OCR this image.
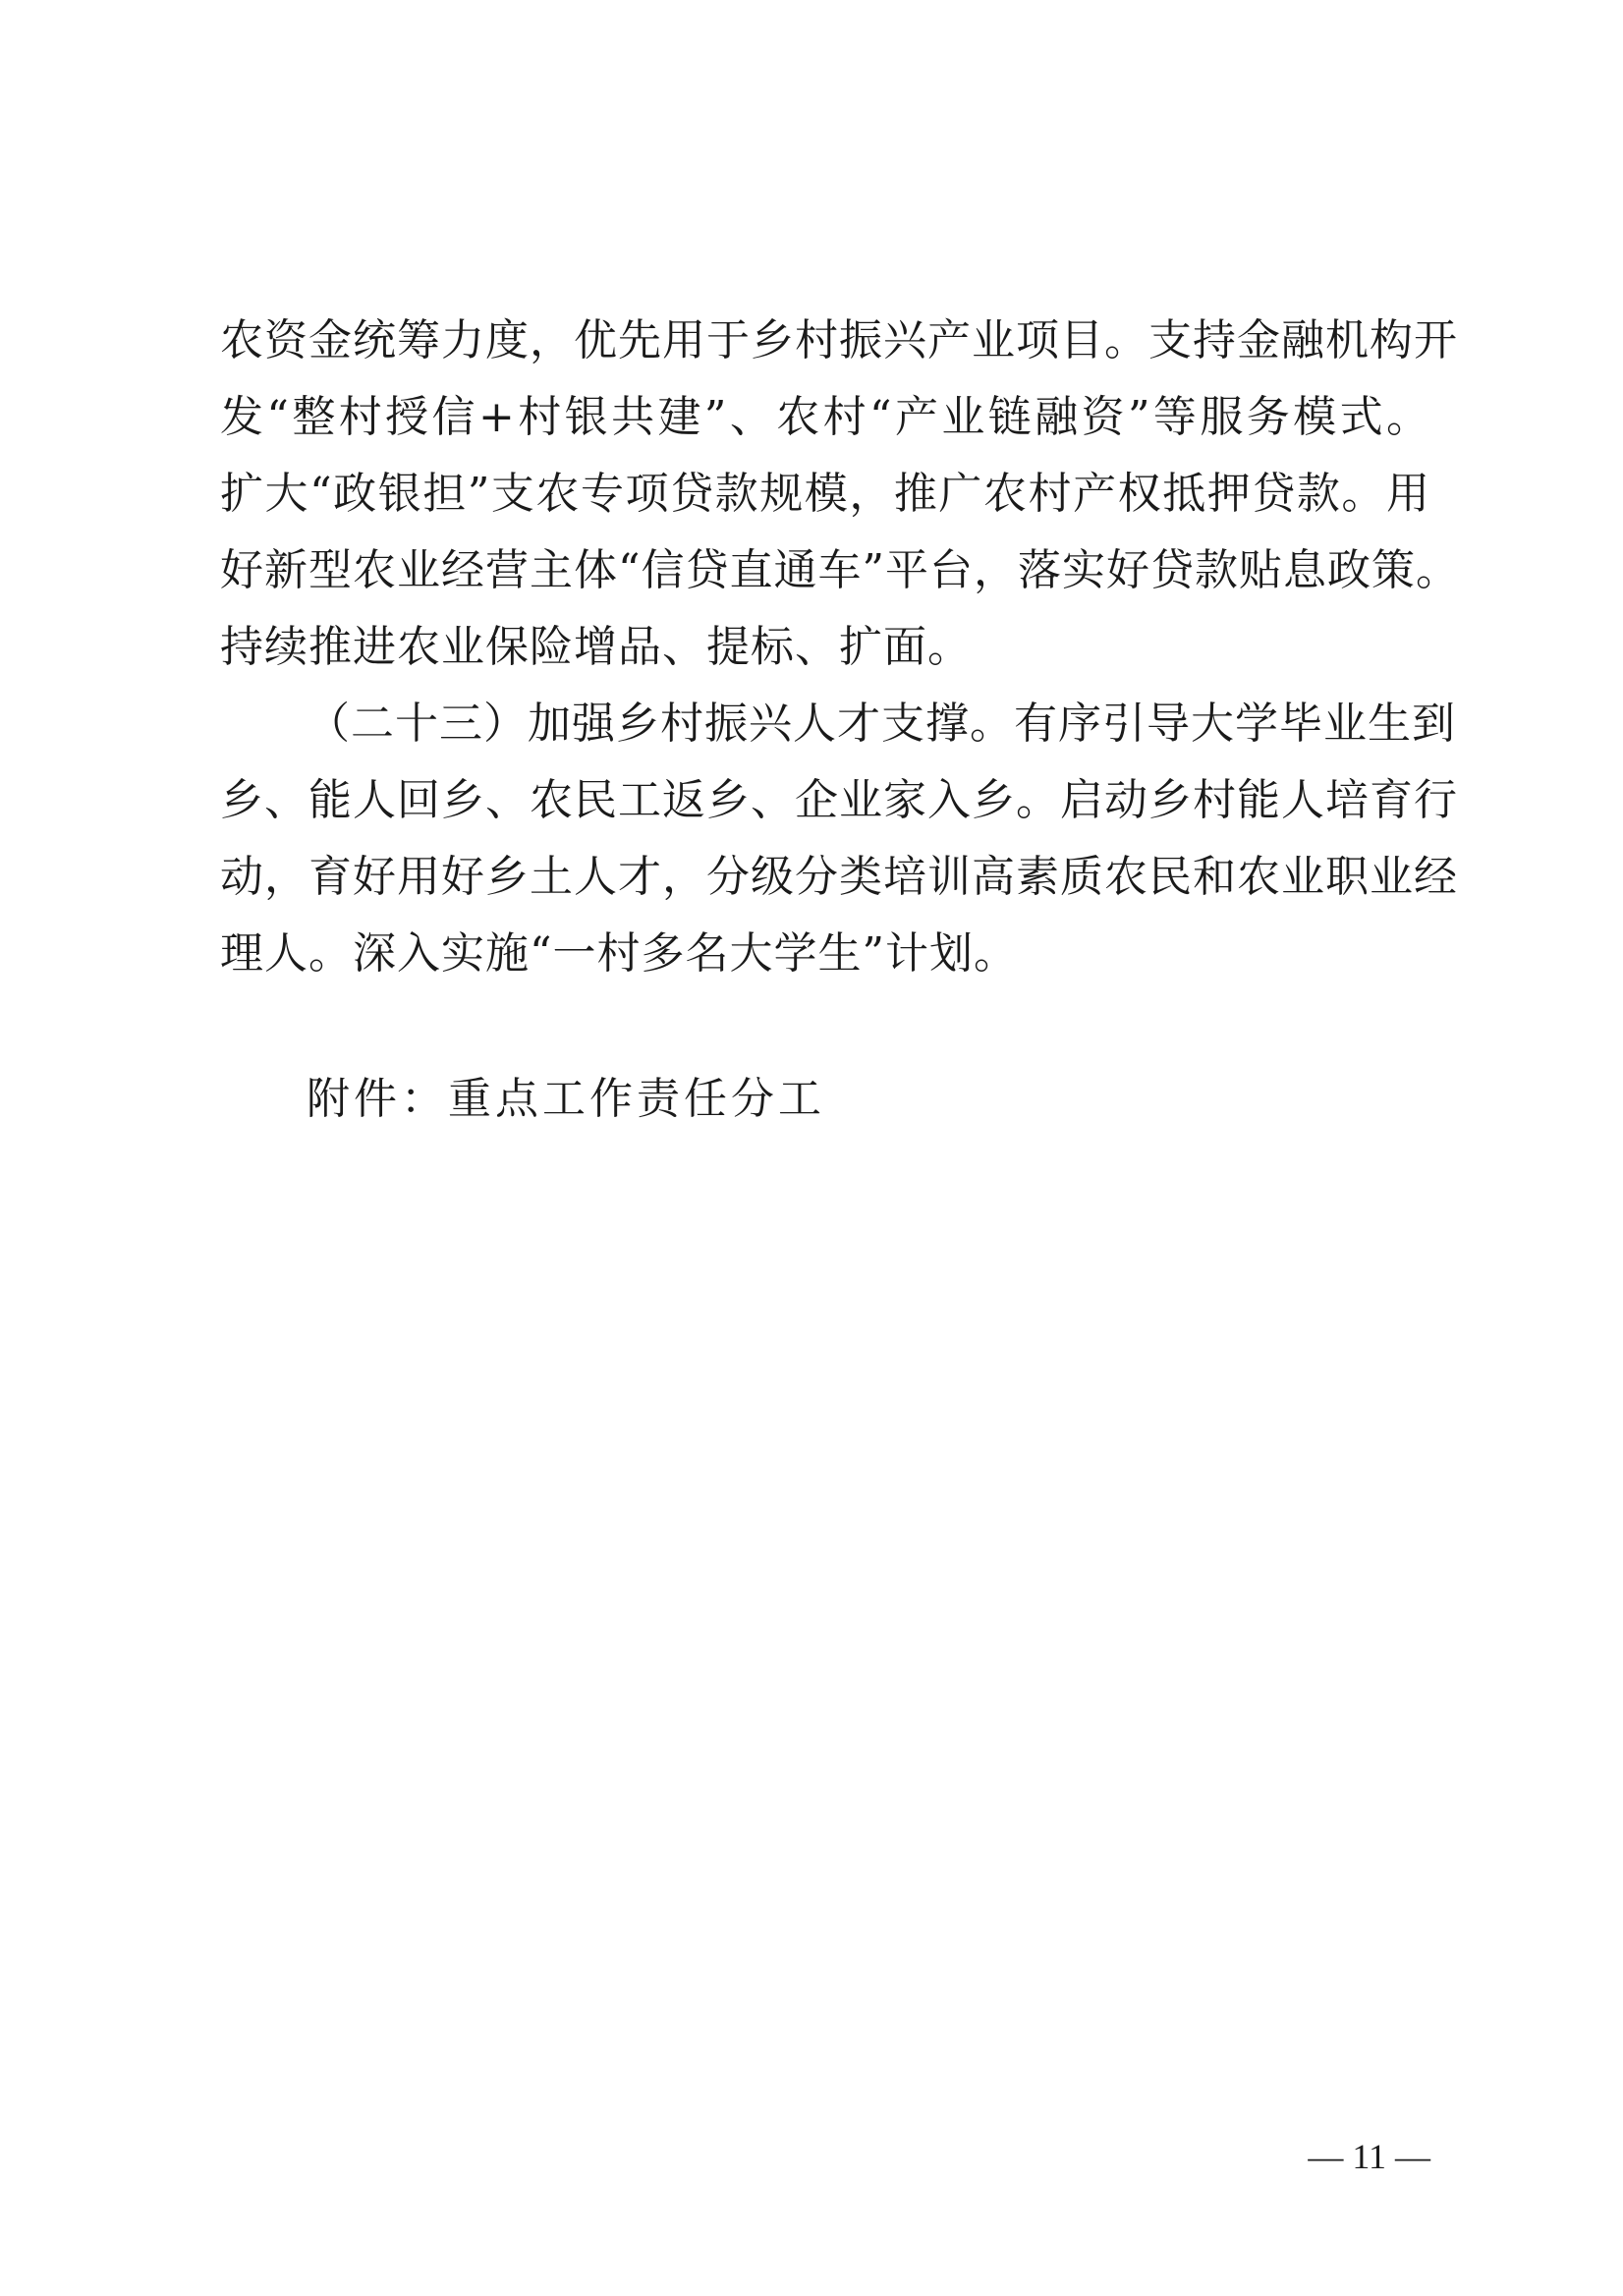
农资金统筹力度，优先用于乡村振兴产业项目。支持金融机构开
发“整村授信+村银共建”、农村“产业链融资”等服务模式。
扩大“政银担”支农专项贷款规模，推广农村产权抵押贷款。用
好新型农业经营主体“信贷直通车”平台，落实好贷款贴息政策。
持续推进农业保险增品、提标、扩面。
（二十三）加强乡村振兴人才支撑。有序引导大学毕业生到
乡、能人回乡、农民工返乡、企业家入乡。启动乡村能人培育行
动，育好用好乡土人才，分级分类培训高素质农民和农业职业经
理人。深入实施“一村多名大学生”计划。
附件：重点工作责任分工
— 11 —
